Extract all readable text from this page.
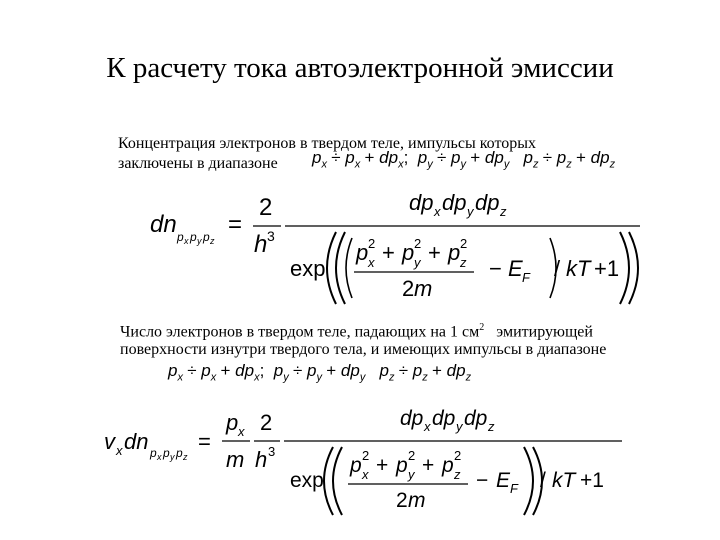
К расчету тока автоэлектронной эмиссии
Концентрация электронов в твердом теле, импульсы которых
заключены в диапазоне $p_x \div p_x + dp_x$;  $p_y \div p_y + dp_y$ $p_z \div p_z + dp_z$
dn p x p y p z
=
2
h 3
dp x dp y dp z
exp
p 2
x + p 2
y + p 2
z
2 m
− E F / kT +1
Число электронов в твердом теле, падающих на 1 $см^2$ эмитирующей
поверхности изнутри твердого тела, и имеющих импульсы в диапазоне
$p_x \div p_x + dp_x$;  $p_y \div p_y + dp_y$ $p_z \div p_z + dp_z$
v x dn p x p y p z
=
p x
m
2
h 3
dp x dp y dp z
exp
p 2
x + p 2
y + p 2
z
2 m
− E F / kT +1
